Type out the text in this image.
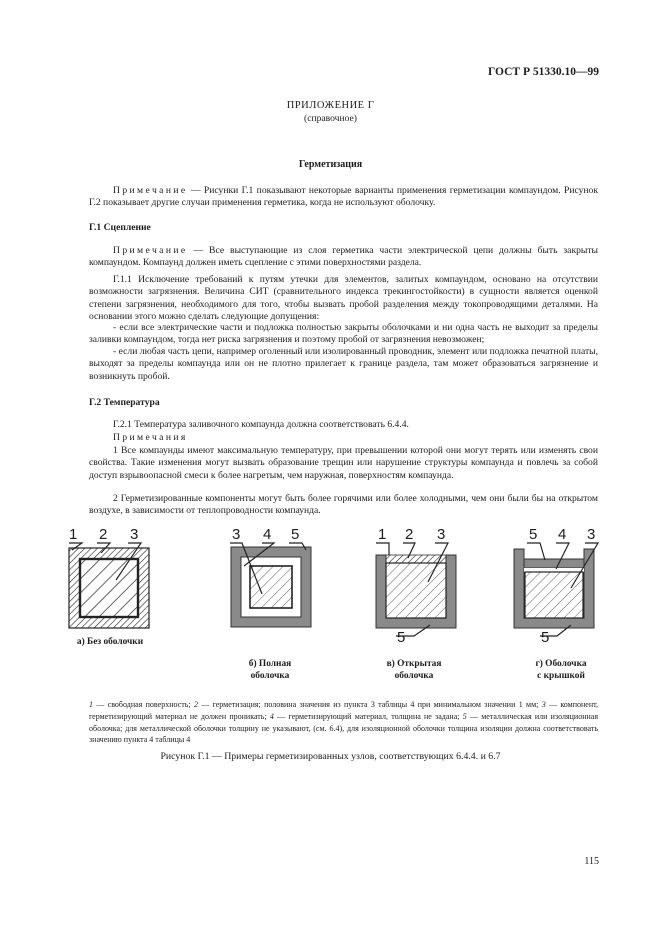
ГОСТ Р 51330.10—99
ПРИЛОЖЕНИЕ Г
(справочное)
Герметизация
Примечание — Рисунки Г.1 показывают некоторые варианты применения герметизации компаундом. Рисунок Г.2 показывает другие случаи применения герметика, когда не используют оболочку.
Г.1 Сцепление
Примечание — Все выступающие из слоя герметика части электрической цепи должны быть закрыты компаундом. Компаунд должен иметь сцепление с этими поверхностями раздела.
Г.1.1 Исключение требований к путям утечки для элементов, залитых компаундом, основано на отсутствии возможности загрязнения. Величина СИТ (сравнительного индекса трекингостойкости) в сущности является оценкой степени загрязнения, необходимого для того, чтобы вызвать пробой разделения между токопроводящими деталями. На основании этого можно сделать следующие допущения:
- если все электрические части и подложка полностью закрыты оболочками и ни одна часть не выходит за пределы заливки компаундом, тогда нет риска загрязнения и поэтому пробой от загрязнения невозможен;
- если любая часть цепи, например оголенный или изолированный проводник, элемент или подложка печатной платы, выходят за пределы компаунда или он не плотно прилегает к границе раздела, там может образоваться загрязнение и возникнуть пробой.
Г.2 Температура
Г.2.1 Температура заливочного компаунда должна соответствовать 6.4.4.
Примечания
1 Все компаунды имеют максимальную температуру, при превышении которой они могут терять или изменять свои свойства. Такие изменения могут вызвать образование трещин или нарушение структуры компаунда и повлечь за собой доступ взрывоопасной смеси к более нагретым, чем наружная, поверхностям компаунда.
2 Герметизированные компоненты могут быть более горячими или более холодными, чем они были бы на открытом воздухе, в зависимости от теплопроводности компаунда.
1 2 3
а) Без оболочки
3 4 5
б) Полная
оболочка
1 2 3
5
в) Открытая
оболочка
5 4 3
5
г) Оболочка
с крышкой
1 — свободная поверхность; 2 — герметизация; половина значения из пункта 3 таблицы 4 при минимальном значении 1 мм; 3 — компонент, герметизирующий материал не должен проникать; 4 — герметизирующий материал, толщина не задана; 5 — металлическая или изоляционная оболочка; для металлической оболочки толщину не указывают, (см. 6.4), для изоляционной оболочки толщина изоляции должна соответствовать значению пункта 4 таблицы 4
Рисунок Г.1 — Примеры герметизированных узлов, соответствующих 6.4.4. и 6.7
115
